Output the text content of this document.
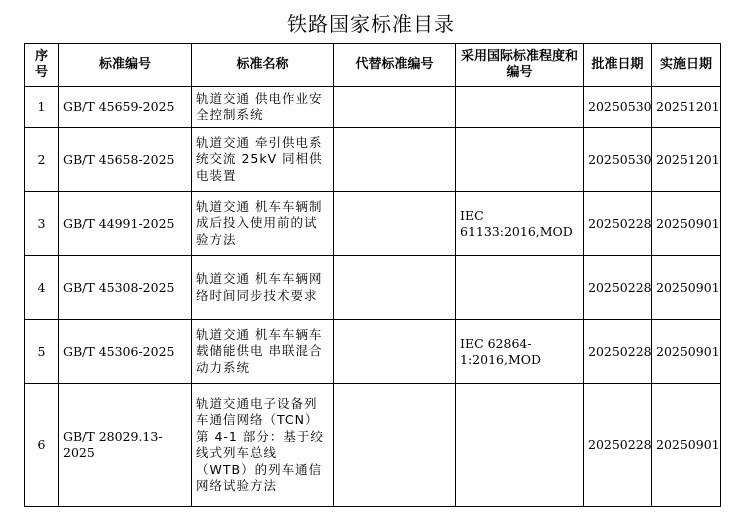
铁路国家标准目录
序号	标准编号	标准名称	代替标准编号	采用国际标准程度和编号	批准日期	实施日期
1	GB/T 45659-2025	轨道交通 供电作业安全控制系统			20250530	20251201
2	GB/T 45658-2025	轨道交通 牵引供电系统交流 25kV 同相供电装置			20250530	20251201
3	GB/T 44991-2025	轨道交通 机车车辆制成后投入使用前的试验方法		IEC 61133:2016,MOD	20250228	20250901
4	GB/T 45308-2025	轨道交通 机车车辆网络时间同步技术要求			20250228	20250901
5	GB/T 45306-2025	轨道交通 机车车辆车载储能供电 串联混合动力系统		IEC 62864-1:2016,MOD	20250228	20250901
6	GB/T 28029.13-2025	轨道交通电子设备列车通信网络（TCN）第 4-1 部分：基于绞线式列车总线（WTB）的列车通信网络试验方法			20250228	20250901
